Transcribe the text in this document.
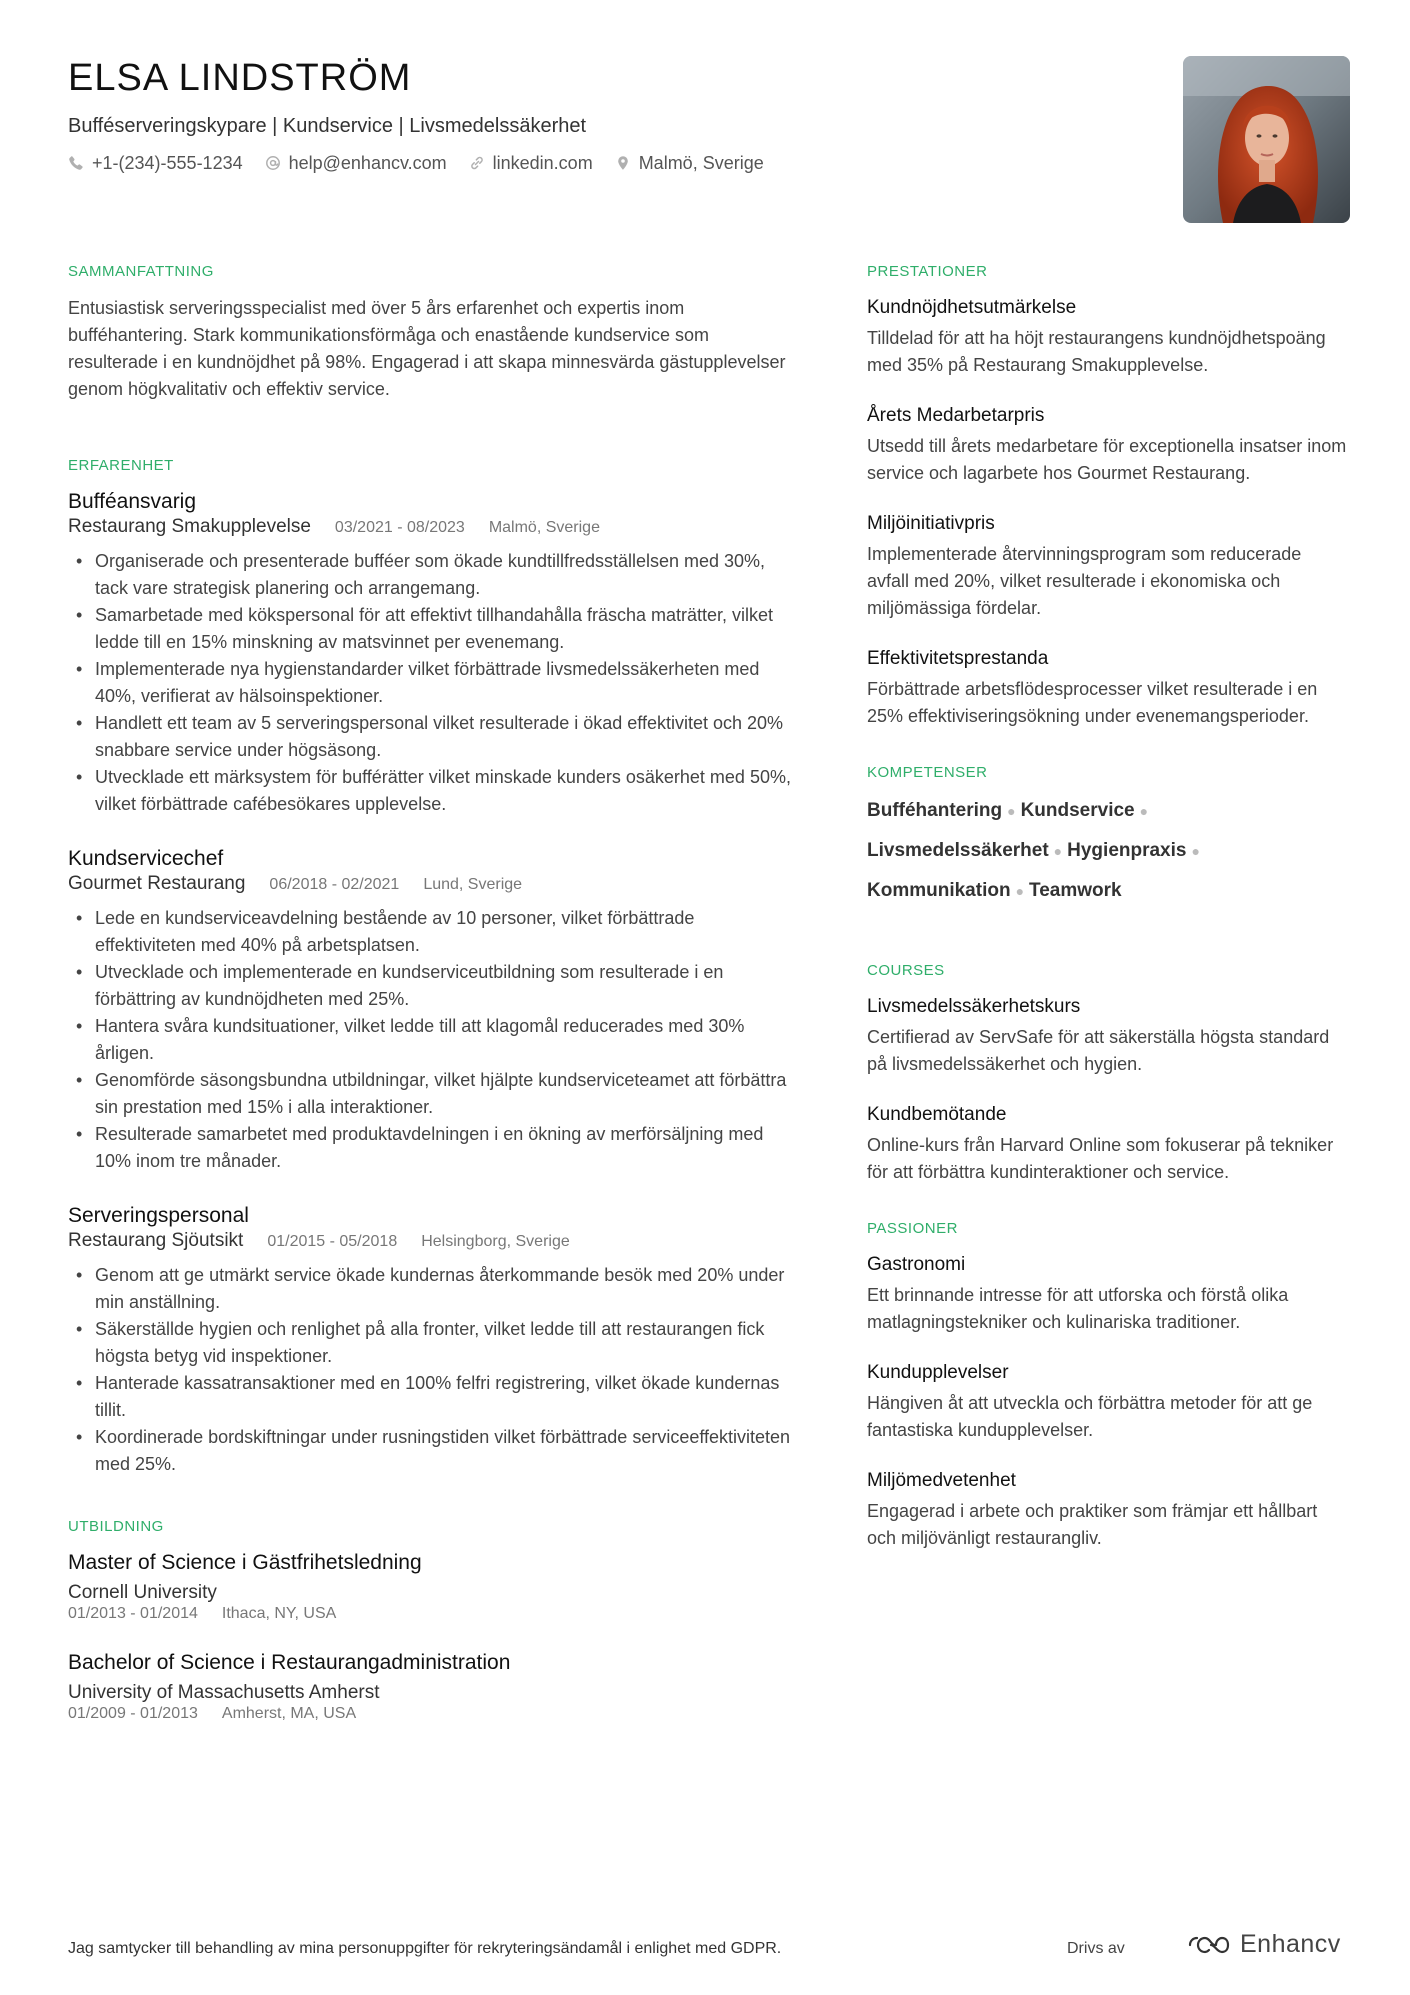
ELSA LINDSTRÖM
Bufféserveringskypare | Kundservice | Livsmedelssäkerhet
+1-(234)-555-1234	help@enhancv.com	linkedin.com	Malmö, Sverige
SAMMANFATTNING
Entusiastisk serveringsspecialist med över 5 års erfarenhet och expertis inom bufféhantering. Stark kommunikationsförmåga och enastående kundservice som resulterade i en kundnöjdhet på 98%. Engagerad i att skapa minnesvärda gästupplevelser genom högkvalitativ och effektiv service.
ERFARENHET
Bufféansvarig
Restaurang Smakupplevelse 03/2021 - 08/2023 Malmö, Sverige
• Organiserade och presenterade bufféer som ökade kundtillfredsställelsen med 30%, tack vare strategisk planering och arrangemang.
• Samarbetade med kökspersonal för att effektivt tillhandahålla fräscha maträtter, vilket ledde till en 15% minskning av matsvinnet per evenemang.
• Implementerade nya hygienstandarder vilket förbättrade livsmedelssäkerheten med 40%, verifierat av hälsoinspektioner.
• Handlett ett team av 5 serveringspersonal vilket resulterade i ökad effektivitet och 20% snabbare service under högsäsong.
• Utvecklade ett märksystem för bufférätter vilket minskade kunders osäkerhet med 50%, vilket förbättrade cafébesökares upplevelse.
Kundservicechef
Gourmet Restaurang 06/2018 - 02/2021 Lund, Sverige
• Lede en kundserviceavdelning bestående av 10 personer, vilket förbättrade effektiviteten med 40% på arbetsplatsen.
• Utvecklade och implementerade en kundserviceutbildning som resulterade i en förbättring av kundnöjdheten med 25%.
• Hantera svåra kundsituationer, vilket ledde till att klagomål reducerades med 30% årligen.
• Genomförde säsongsbundna utbildningar, vilket hjälpte kundserviceteamet att förbättra sin prestation med 15% i alla interaktioner.
• Resulterade samarbetet med produktavdelningen i en ökning av merförsäljning med 10% inom tre månader.
Serveringspersonal
Restaurang Sjöutsikt 01/2015 - 05/2018 Helsingborg, Sverige
• Genom att ge utmärkt service ökade kundernas återkommande besök med 20% under min anställning.
• Säkerställde hygien och renlighet på alla fronter, vilket ledde till att restaurangen fick högsta betyg vid inspektioner.
• Hanterade kassatransaktioner med en 100% felfri registrering, vilket ökade kundernas tillit.
• Koordinerade bordskiftningar under rusningstiden vilket förbättrade serviceeffektiviteten med 25%.
UTBILDNING
Master of Science i Gästfrihetsledning
Cornell University
01/2013 - 01/2014 Ithaca, NY, USA
Bachelor of Science i Restaurangadministration
University of Massachusetts Amherst
01/2009 - 01/2013 Amherst, MA, USA
PRESTATIONER
Kundnöjdhetsutmärkelse
Tilldelad för att ha höjt restaurangens kundnöjdhetspoäng med 35% på Restaurang Smakupplevelse.
Årets Medarbetarpris
Utsedd till årets medarbetare för exceptionella insatser inom service och lagarbete hos Gourmet Restaurang.
Miljöinitiativpris
Implementerade återvinningsprogram som reducerade avfall med 20%, vilket resulterade i ekonomiska och miljömässiga fördelar.
Effektivitetsprestanda
Förbättrade arbetsflödesprocesser vilket resulterade i en 25% effektiviseringsökning under evenemangsperioder.
KOMPETENSER
Bufféhantering ● Kundservice ●
Livsmedelssäkerhet ● Hygienpraxis ●
Kommunikation ● Teamwork
COURSES
Livsmedelssäkerhetskurs
Certifierad av ServSafe för att säkerställa högsta standard på livsmedelssäkerhet och hygien.
Kundbemötande
Online-kurs från Harvard Online som fokuserar på tekniker för att förbättra kundinteraktioner och service.
PASSIONER
Gastronomi
Ett brinnande intresse för att utforska och förstå olika matlagningstekniker och kulinariska traditioner.
Kundupplevelser
Hängiven åt att utveckla och förbättra metoder för att ge fantastiska kundupplevelser.
Miljömedvetenhet
Engagerad i arbete och praktiker som främjar ett hållbart och miljövänligt restaurangliv.
Jag samtycker till behandling av mina personuppgifter för rekryteringsändamål i enlighet med GDPR.	Drivs av	Enhancv
